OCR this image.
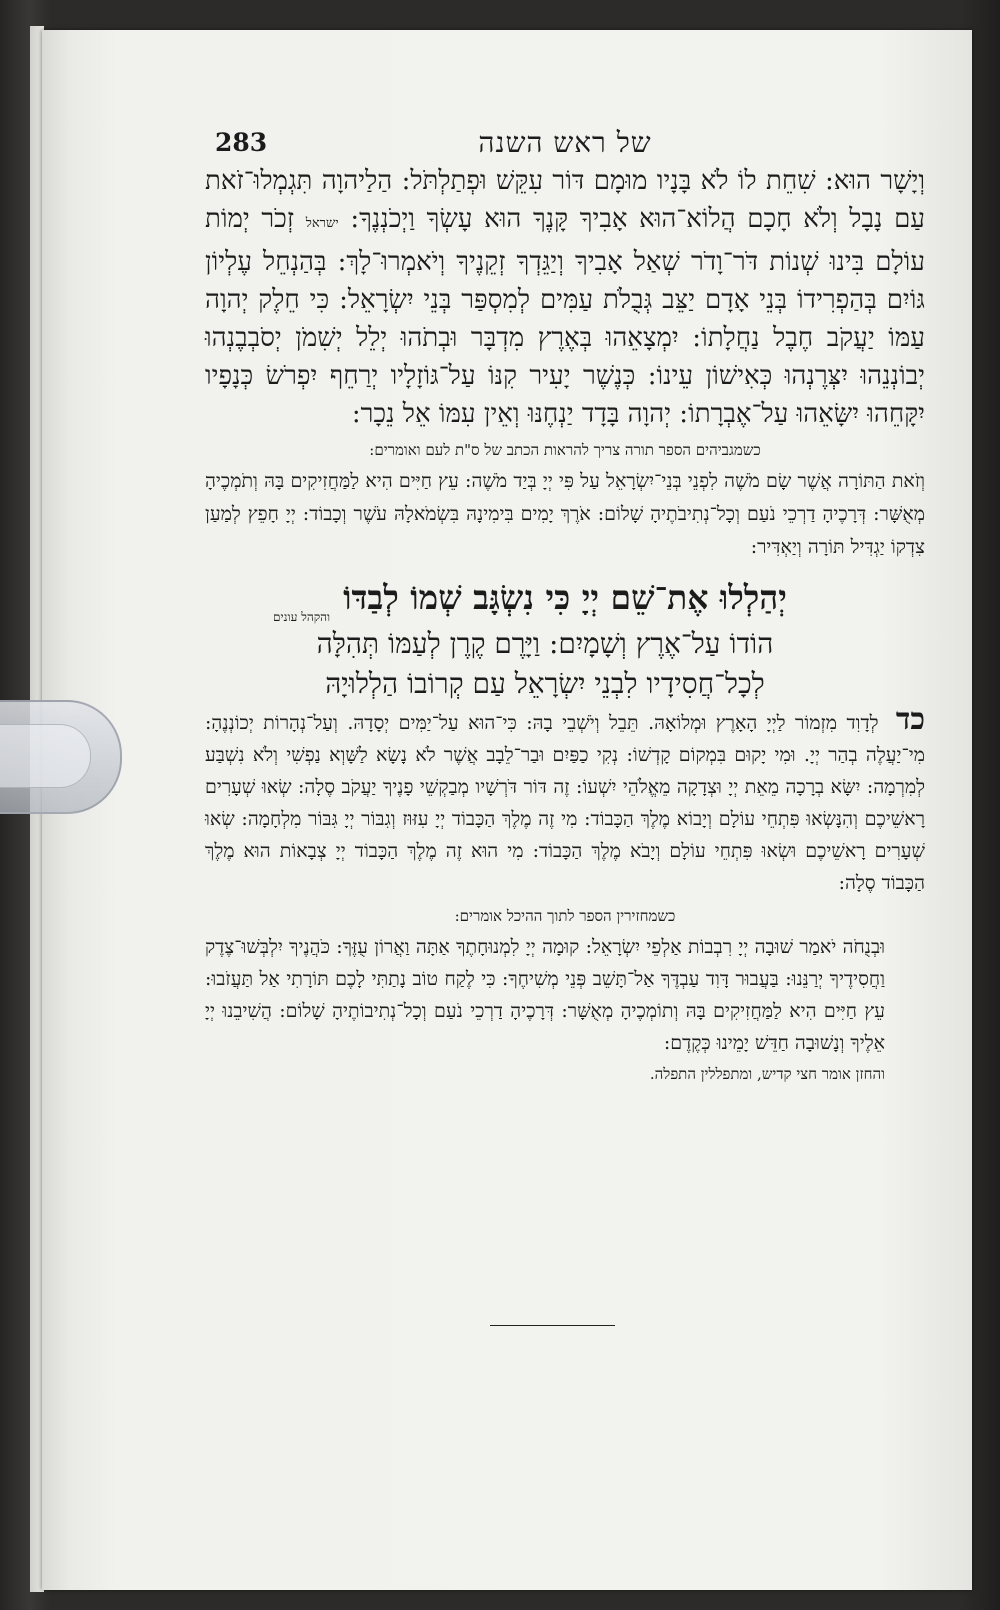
283	של ראש השנה

וְיָשָׁר הוּא: שִׁחֵת לוֹ לֹא בָּנָיו מוּמָם דּוֹר עִקֵּשׁ וּפְתַלְתֹּל: הַלַיהוָה תִּגְמְלוּ־זֹאת עַם נָבָל וְלֹא חָכָם הֲלוֹא־הוּא אָבִיךָ קָּנֶךָ הוּא עָשְׂךָ וַיְכֹנְנֶךָ: ישראל זְכֹר יְמוֹת עוֹלָם בִּינוּ שְׁנוֹת דֹּר־וָדֹר שְׁאַל אָבִיךָ וְיַגֵּדְךָ זְקֵנֶיךָ וְיֹאמְרוּ־לָךְ: בְּהַנְחֵל עֶלְיוֹן גּוֹיִם בְּהַפְרִידוֹ בְּנֵי אָדָם יַצֵּב גְּבֻלֹת עַמִּים לְמִסְפַּר בְּנֵי יִשְׂרָאֵל: כִּי חֵלֶק יְהוָה עַמּוֹ יַעֲקֹב חֶבֶל נַחֲלָתוֹ: יִמְצָאֵהוּ בְּאֶרֶץ מִדְבָּר וּבְתֹהוּ יְלֵל יְשִׁמֹן יְסֹבְבֶנְהוּ יְבוֹנְנֵהוּ יִצְּרֶנְהוּ כְּאִישׁוֹן עֵינוֹ: כְּנֶשֶׁר יָעִיר קִנּוֹ עַל־גּוֹזָלָיו יְרַחֵף יִפְרֹשׂ כְּנָפָיו יִקָּחֵהוּ יִשָּׂאֵהוּ עַל־אֶבְרָתוֹ: יְהוָה בָּדָד יַנְחֶנּוּ וְאֵין עִמּוֹ אֵל נֵכָר:

כשמגביהים הספר תורה צריך להראות הכתב של ס"ת לעם ואומרים:

וְזֹאת הַתּוֹרָה אֲשֶׁר שָׂם מֹשֶׁה לִפְנֵי בְּנֵי־יִשְׂרָאֵל עַל פִּי יְיָ בְּיַד מֹשֶׁה: עֵץ חַיִּים הִיא לַמַּחֲזִיקִים בָּהּ וְתֹמְכֶיהָ מְאֻשָּׁר: דְּרָכֶיהָ דַרְכֵי נֹעַם וְכָל־נְתִיבֹתֶיהָ שָׁלוֹם: אֹרֶךְ יָמִים בִּימִינָהּ בִּשְׂמֹאלָהּ עֹשֶׁר וְכָבוֹד: יְיָ חָפֵץ לְמַעַן צִדְקוֹ יַגְדִּיל תּוֹרָה וְיַאְדִּיר:

יְהַלְלוּ אֶת־שֵׁם יְיָ כִּי נִשְׂגָּב שְׁמוֹ לְבַדּוֹ
והקהל עונים

הוֹדוֹ עַל־אֶרֶץ וְשָׁמָיִם: וַיָּרֶם קֶרֶן לְעַמּוֹ תְּהִלָּה

לְכָל־חֲסִידָיו לִבְנֵי יִשְׂרָאֵל עַם קְרוֹבוֹ הַלְלוּיָהּ

כד לְדָוִד מִזְמוֹר לַיְיָ הָאָרֶץ וּמְלוֹאָהּ. תֵּבֵל וְיֹשְׁבֵי בָהּ: כִּי־הוּא עַל־יַמִּים יְסָדָהּ. וְעַל־נְהָרוֹת יְכוֹנְנֶהָ: מִי־יַעֲלֶה בְהַר יְיָ. וּמִי יָקוּם בִּמְקוֹם קָדְשׁוֹ: נְקִי כַפַּיִם וּבַר־לֵבָב אֲשֶׁר לֹא נָשָׂא לַשָּׁוְא נַפְשִׁי וְלֹא נִשְׁבַּע לְמִרְמָה: יִשָּׂא בְרָכָה מֵאֵת יְיָ וּצְדָקָה מֵאֱלֹהֵי יִשְׁעוֹ: זֶה דּוֹר דֹּרְשָׁיו מְבַקְשֵׁי פָנֶיךָ יַעֲקֹב סֶלָה: שְׂאוּ שְׁעָרִים רָאשֵׁיכֶם וְהִנָּשְׂאוּ פִּתְחֵי עוֹלָם וְיָבוֹא מֶלֶךְ הַכָּבוֹד: מִי זֶה מֶלֶךְ הַכָּבוֹד יְיָ עִזּוּז וְגִבּוֹר יְיָ גִּבּוֹר מִלְחָמָה: שְׂאוּ שְׁעָרִים רָאשֵׁיכֶם וּשְׂאוּ פִּתְחֵי עוֹלָם וְיָבֹא מֶלֶךְ הַכָּבוֹד: מִי הוּא זֶה מֶלֶךְ הַכָּבוֹד יְיָ צְבָאוֹת הוּא מֶלֶךְ הַכָּבוֹד סֶלָה:

כשמחזירין הספר לתוך ההיכל אומרים:

וּבְנֻחֹה יֹאמַר שׁוּבָה יְיָ רִבְבוֹת אַלְפֵי יִשְׂרָאֵל: קוּמָה יְיָ לִמְנוּחָתֶךָ אַתָּה וַאֲרוֹן עֻזֶּךָ: כֹּהֲנֶיךָ יִלְבְּשׁוּ־צֶדֶק וַחֲסִידֶיךָ יְרַנֵּנוּ: בַּעֲבוּר דָּוִד עַבְדֶּךָ אַל־תָּשֵׁב פְּנֵי מְשִׁיחֶךָ: כִּי לֶקַח טוֹב נָתַתִּי לָכֶם תּוֹרָתִי אַל תַּעֲזֹבוּ: עֵץ חַיִּים הִיא לַמַּחֲזִיקִים בָּהּ וְתוֹמְכֶיהָ מְאֻשָּׁר: דְּרָכֶיהָ דַרְכֵי נֹעַם וְכָל־נְתִיבוֹתֶיהָ שָׁלוֹם: הֲשִׁיבֵנוּ יְיָ אֵלֶיךָ וְנָשׁוּבָה חַדֵּשׁ יָמֵינוּ כְּקֶדֶם:

והחזן אומר חצי קדיש, ומתפללין התפלה.
